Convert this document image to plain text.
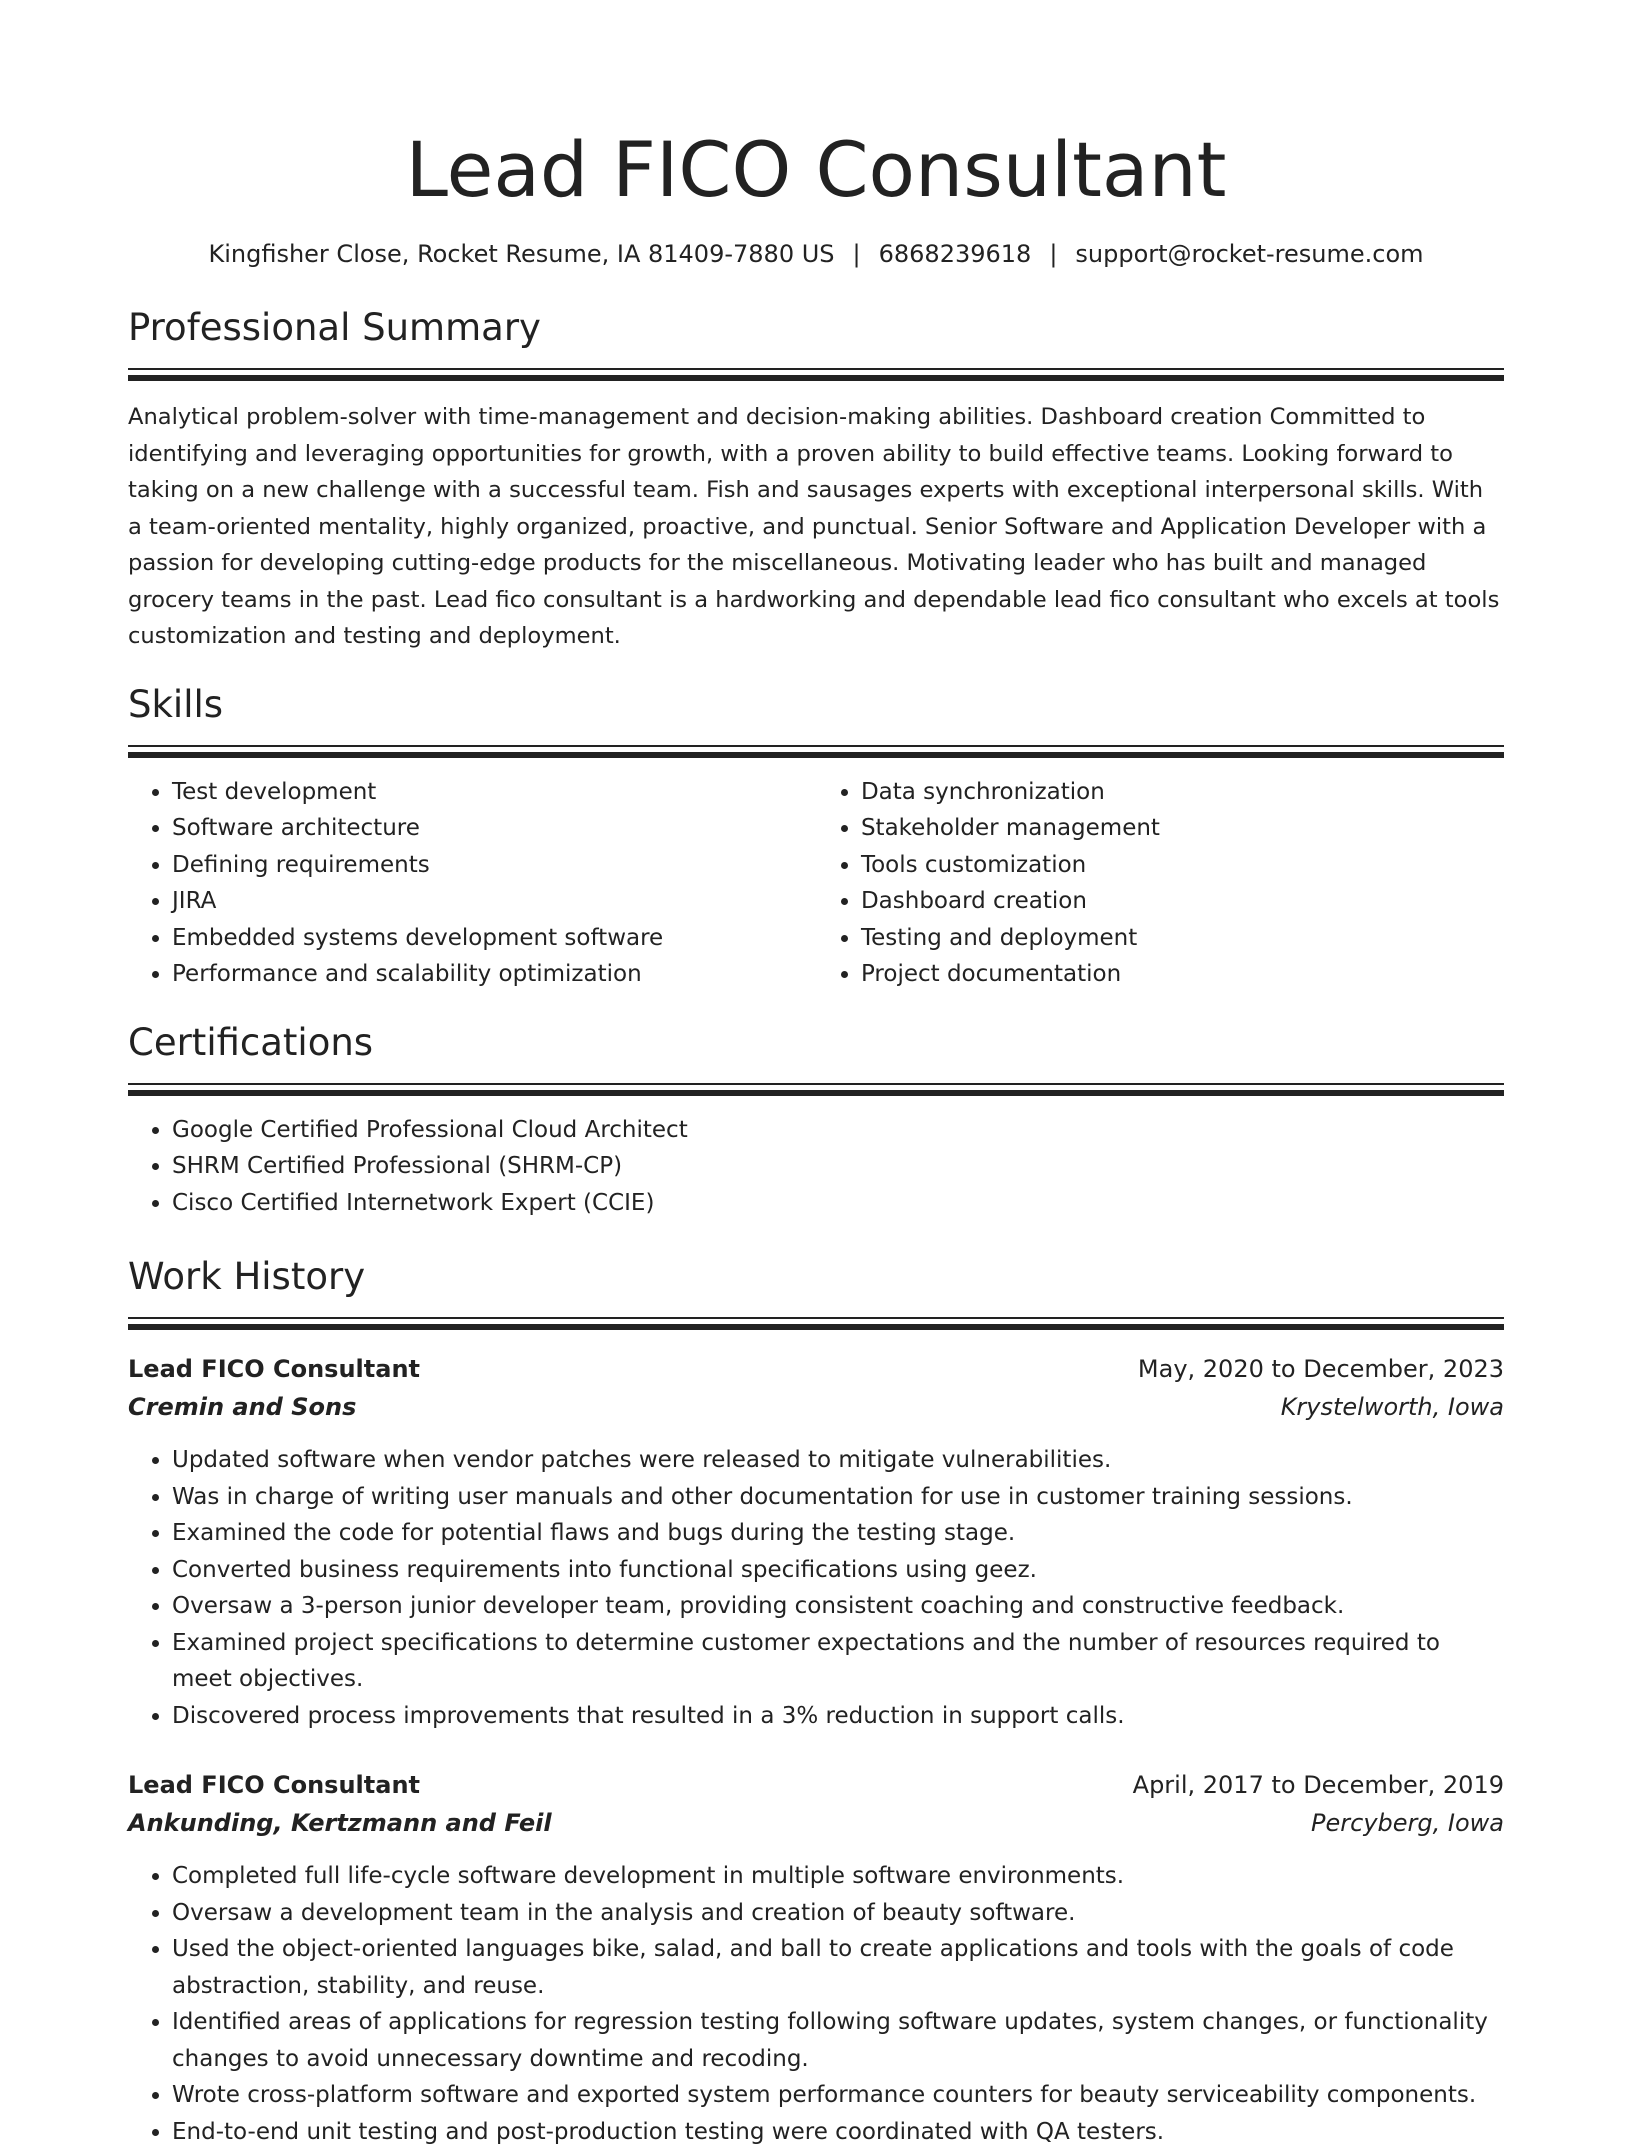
Lead FICO Consultant
Kingfisher Close, Rocket Resume, IA 81409-7880 US | 6868239618 | support@rocket-resume.com
Professional Summary
Analytical problem-solver with time-management and decision-making abilities. Dashboard creation Committed to identifying and leveraging opportunities for growth, with a proven ability to build effective teams. Looking forward to taking on a new challenge with a successful team. Fish and sausages experts with exceptional interpersonal skills. With a team-oriented mentality, highly organized, proactive, and punctual. Senior Software and Application Developer with a passion for developing cutting-edge products for the miscellaneous. Motivating leader who has built and managed grocery teams in the past. Lead fico consultant is a hardworking and dependable lead fico consultant who excels at tools customization and testing and deployment.
Skills
• Test development
• Software architecture
• Defining requirements
• JIRA
• Embedded systems development software
• Performance and scalability optimization
• Data synchronization
• Stakeholder management
• Tools customization
• Dashboard creation
• Testing and deployment
• Project documentation
Certifications
• Google Certified Professional Cloud Architect
• SHRM Certified Professional (SHRM-CP)
• Cisco Certified Internetwork Expert (CCIE)
Work History
Lead FICO Consultant	May, 2020 to December, 2023
Cremin and Sons	Krystelworth, Iowa
• Updated software when vendor patches were released to mitigate vulnerabilities.
• Was in charge of writing user manuals and other documentation for use in customer training sessions.
• Examined the code for potential flaws and bugs during the testing stage.
• Converted business requirements into functional specifications using geez.
• Oversaw a 3-person junior developer team, providing consistent coaching and constructive feedback.
• Examined project specifications to determine customer expectations and the number of resources required to meet objectives.
• Discovered process improvements that resulted in a 3% reduction in support calls.
Lead FICO Consultant	April, 2017 to December, 2019
Ankunding, Kertzmann and Feil	Percyberg, Iowa
• Completed full life-cycle software development in multiple software environments.
• Oversaw a development team in the analysis and creation of beauty software.
• Used the object-oriented languages bike, salad, and ball to create applications and tools with the goals of code abstraction, stability, and reuse.
• Identified areas of applications for regression testing following software updates, system changes, or functionality changes to avoid unnecessary downtime and recoding.
• Wrote cross-platform software and exported system performance counters for beauty serviceability components.
• End-to-end unit testing and post-production testing were coordinated with QA testers.
